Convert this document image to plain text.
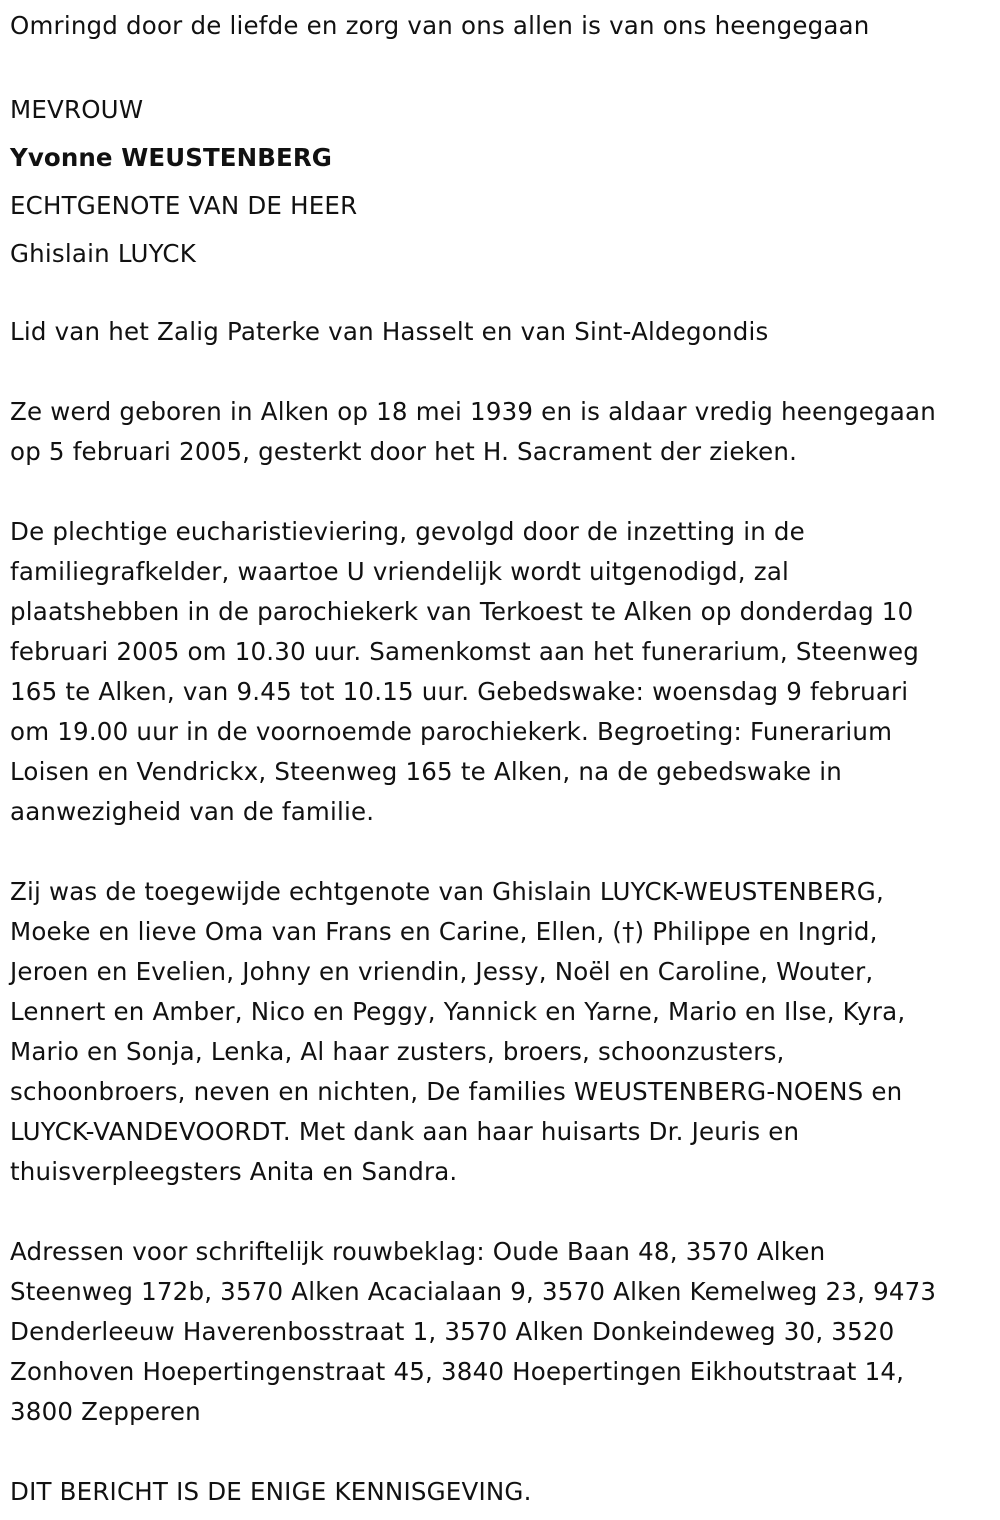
Omringd door de liefde en zorg van ons allen is van ons heengegaan

MEVROUW

Yvonne WEUSTENBERG

ECHTGENOTE VAN DE HEER

Ghislain LUYCK

Lid van het Zalig Paterke van Hasselt en van Sint-Aldegondis

Ze werd geboren in Alken op 18 mei 1939 en is aldaar vredig heengegaan

op 5 februari 2005, gesterkt door het H. Sacrament der zieken.

De plechtige eucharistieviering, gevolgd door de inzetting in de

familiegrafkelder, waartoe U vriendelijk wordt uitgenodigd, zal

plaatshebben in de parochiekerk van Terkoest te Alken op donderdag 10

februari 2005 om 10.30 uur. Samenkomst aan het funerarium, Steenweg

165 te Alken, van 9.45 tot 10.15 uur. Gebedswake: woensdag 9 februari

om 19.00 uur in de voornoemde parochiekerk. Begroeting: Funerarium

Loisen en Vendrickx, Steenweg 165 te Alken, na de gebedswake in

aanwezigheid van de familie.

Zij was de toegewijde echtgenote van Ghislain LUYCK-WEUSTENBERG,

Moeke en lieve Oma van Frans en Carine, Ellen, (†) Philippe en Ingrid,

Jeroen en Evelien, Johny en vriendin, Jessy, Noël en Caroline, Wouter,

Lennert en Amber, Nico en Peggy, Yannick en Yarne, Mario en Ilse, Kyra,

Mario en Sonja, Lenka, Al haar zusters, broers, schoonzusters,

schoonbroers, neven en nichten, De families WEUSTENBERG-NOENS en

LUYCK-VANDEVOORDT. Met dank aan haar huisarts Dr. Jeuris en

thuisverpleegsters Anita en Sandra.

Adressen voor schriftelijk rouwbeklag: Oude Baan 48, 3570 Alken

Steenweg 172b, 3570 Alken Acacialaan 9, 3570 Alken Kemelweg 23, 9473

Denderleeuw Haverenbosstraat 1, 3570 Alken Donkeindeweg 30, 3520

Zonhoven Hoepertingenstraat 45, 3840 Hoepertingen Eikhoutstraat 14,

3800 Zepperen

DIT BERICHT IS DE ENIGE KENNISGEVING.
